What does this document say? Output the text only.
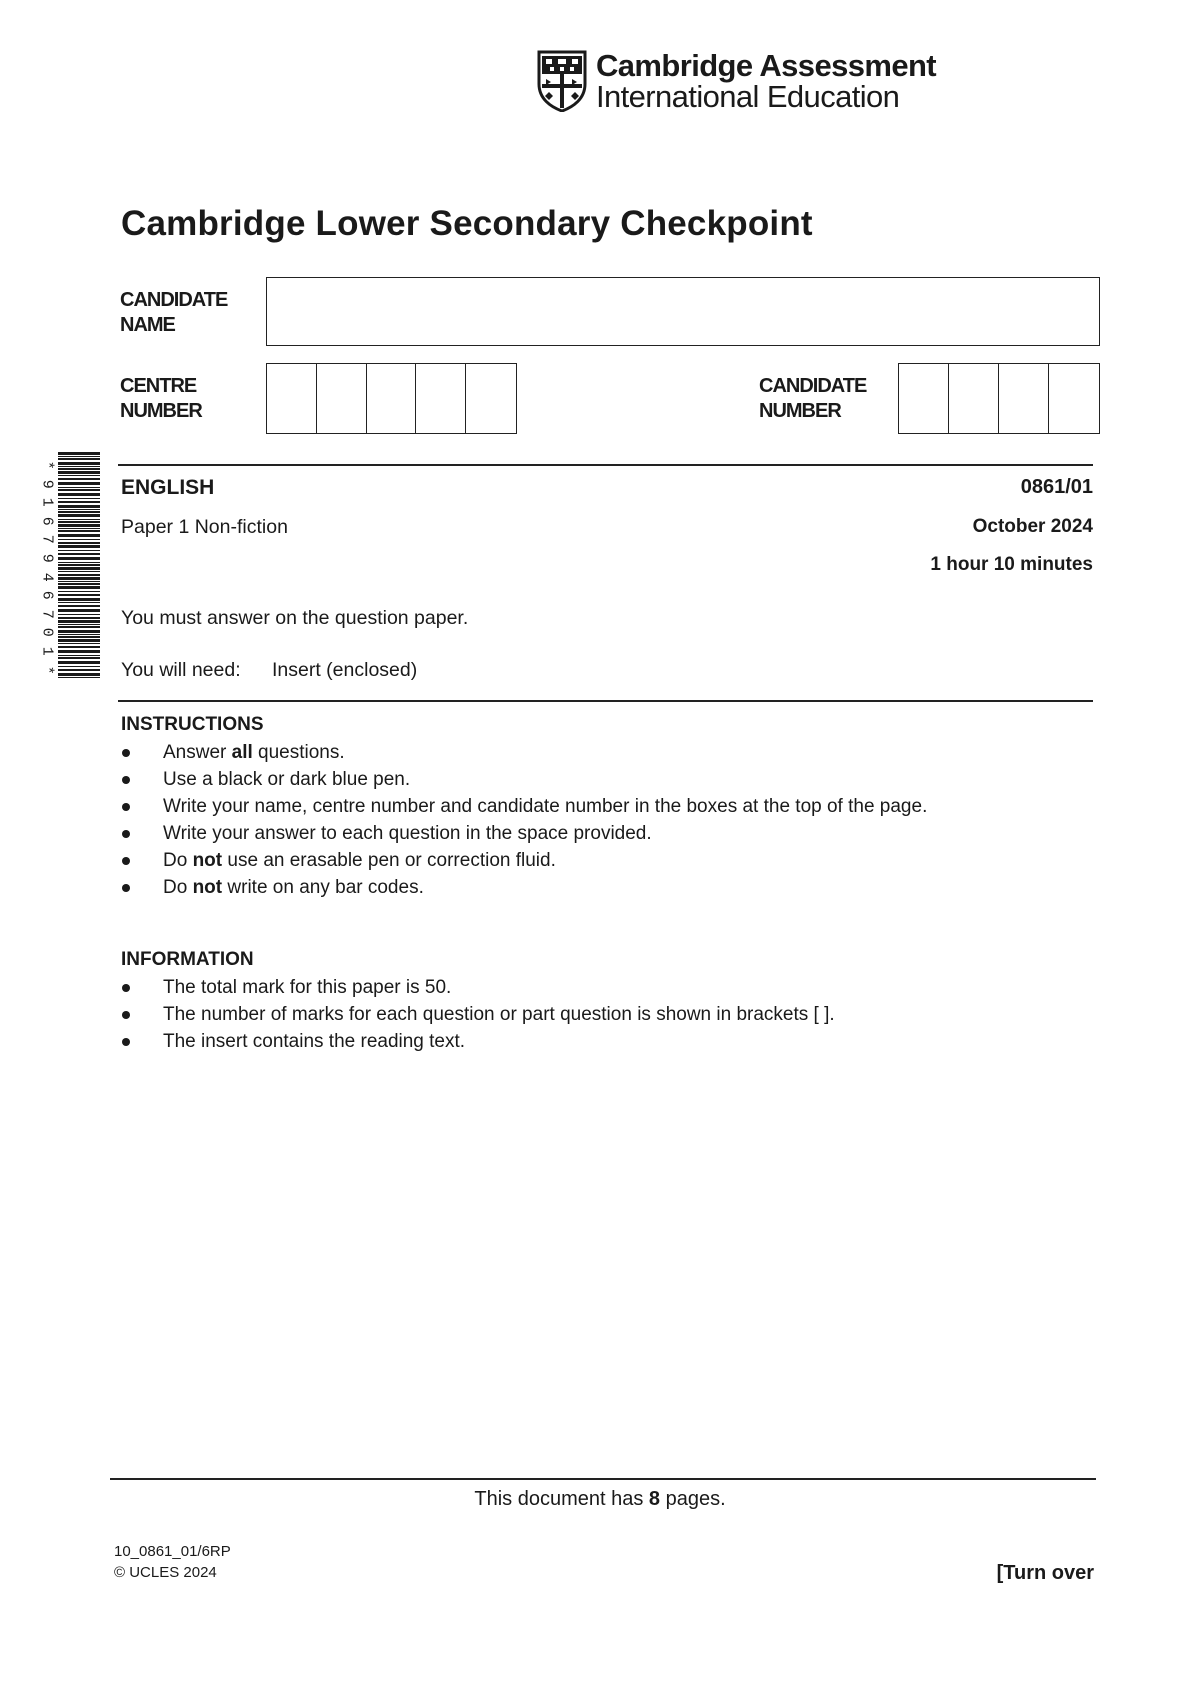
Cambridge Assessment
International Education
Cambridge Lower Secondary Checkpoint
CANDIDATE
NAME
CENTRE
NUMBER
CANDIDATE
NUMBER
*
9
1
6
7
9
4
6
7
0
1
*
ENGLISH	0861/01
Paper 1 Non-fiction	October 2024
1 hour 10 minutes
You must answer on the question paper.
You will need: Insert (enclosed)
INSTRUCTIONS
Answer all questions.
Use a black or dark blue pen.
Write your name, centre number and candidate number in the boxes at the top of the page.
Write your answer to each question in the space provided.
Do not use an erasable pen or correction fluid.
Do not write on any bar codes.
INFORMATION
The total mark for this paper is 50.
The number of marks for each question or part question is shown in brackets [ ].
The insert contains the reading text.
This document has 8 pages.
10_0861_01/6RP
© UCLES 2024	[Turn over
